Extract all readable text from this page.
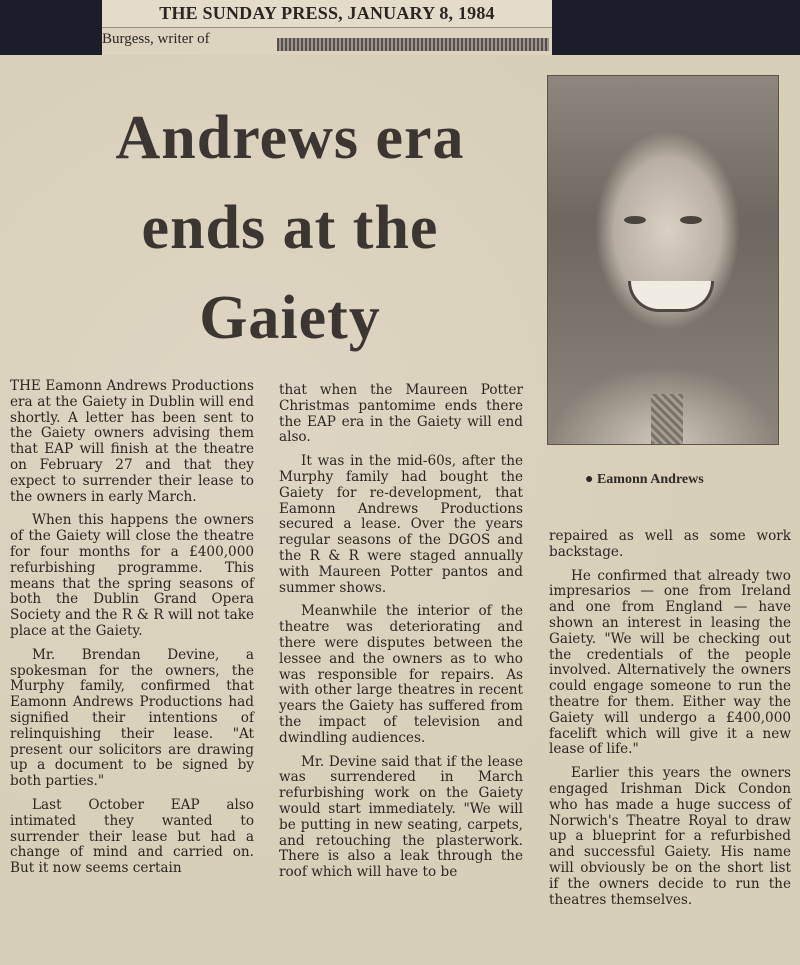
THE SUNDAY PRESS, JANUARY 8, 1984
Burgess, writer of
Andrews era ends at the Gaiety
● Eamonn Andrews

THE Eamonn Andrews Productions era at the Gaiety in Dublin will end shortly. A letter has been sent to the Gaiety owners advising them that EAP will finish at the theatre on February 27 and that they expect to surrender their lease to the owners in early March.

When this happens the owners of the Gaiety will close the theatre for four months for a £400,000 refurbishing programme. This means that the spring seasons of both the Dublin Grand Opera Society and the R & R will not take place at the Gaiety.

Mr. Brendan Devine, a spokesman for the owners, the Murphy family, confirmed that Eamonn Andrews Productions had signified their intentions of relinquishing their lease. "At present our solicitors are drawing up a document to be signed by both parties."

Last October EAP also intimated they wanted to surrender their lease but had a change of mind and carried on. But it now seems certain

that when the Maureen Potter Christmas pantomime ends there the EAP era in the Gaiety will end also.

It was in the mid-60s, after the Murphy family had bought the Gaiety for re-development, that Eamonn Andrews Productions secured a lease. Over the years regular seasons of the DGOS and the R & R were staged annually with Maureen Potter pantos and summer shows.

Meanwhile the interior of the theatre was deteriorating and there were disputes between the lessee and the owners as to who was responsible for repairs. As with other large theatres in recent years the Gaiety has suffered from the impact of television and dwindling audiences.

Mr. Devine said that if the lease was surrendered in March refurbishing work on the Gaiety would start immediately. "We will be putting in new seating, carpets, and retouching the plasterwork. There is also a leak through the roof which will have to be

repaired as well as some work backstage.

He confirmed that already two impresarios — one from Ireland and one from England — have shown an interest in leasing the Gaiety. "We will be checking out the credentials of the people involved. Alternatively the owners could engage someone to run the theatre for them. Either way the Gaiety will undergo a £400,000 facelift which will give it a new lease of life."

Earlier this years the owners engaged Irishman Dick Condon who has made a huge success of Norwich's Theatre Royal to draw up a blueprint for a refurbished and successful Gaiety. His name will obviously be on the short list if the owners decide to run the theatres themselves.
